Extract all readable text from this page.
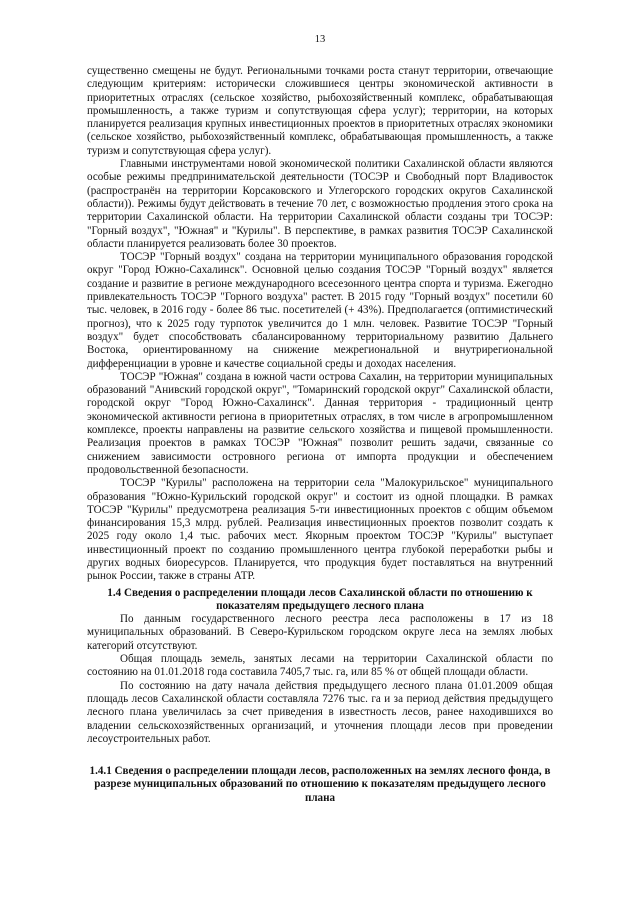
13

существенно смещены не будут. Региональными точками роста станут территории, отвечающие следующим критериям: исторически сложившиеся центры экономической активности в приоритетных отраслях (сельское хозяйство, рыбохозяйственный комплекс, обрабатывающая промышленность, а также туризм и сопутствующая сфера услуг); территории, на которых планируется реализация крупных инвестиционных проектов в приоритетных отраслях экономики (сельское хозяйство, рыбохозяйственный комплекс, обрабатывающая промышленность, а также туризм и сопутствующая сфера услуг).

Главными инструментами новой экономической политики Сахалинской области являются особые режимы предпринимательской деятельности (ТОСЭР и Свободный порт Владивосток (распространён на территории Корсаковского и Углегорского городских округов Сахалинской области)). Режимы будут действовать в течение 70 лет, с возможностью продления этого срока на территории Сахалинской области. На территории Сахалинской области созданы три ТОСЭР: "Горный воздух", "Южная" и "Курилы". В перспективе, в рамках развития ТОСЭР Сахалинской области планируется реализовать более 30 проектов.

ТОСЭР "Горный воздух" создана на территории муниципального образования городской округ "Город Южно-Сахалинск". Основной целью создания ТОСЭР "Горный воздух" является создание и развитие в регионе международного всесезонного центра спорта и туризма. Ежегодно привлекательность ТОСЭР "Горного воздуха" растет. В 2015 году "Горный воздух" посетили 60 тыс. человек, в 2016 году - более 86 тыс. посетителей (+ 43%). Предполагается (оптимистический прогноз), что к 2025 году турпоток увеличится до 1 млн. человек. Развитие ТОСЭР "Горный воздух" будет способствовать сбалансированному территориальному развитию Дальнего Востока, ориентированному на снижение межрегиональной и внутрирегиональной дифференциации в уровне и качестве социальной среды и доходах населения.

ТОСЭР "Южная" создана в южной части острова Сахалин, на территории муниципальных образований "Анивский городской округ", "Томаринский городской округ" Сахалинской области, городской округ "Город Южно-Сахалинск". Данная территория - традиционный центр экономической активности региона в приоритетных отраслях, в том числе в агропромышленном комплексе, проекты направлены на развитие сельского хозяйства и пищевой промышленности. Реализация проектов в рамках ТОСЭР "Южная" позволит решить задачи, связанные со снижением зависимости островного региона от импорта продукции и обеспечением продовольственной безопасности.

ТОСЭР "Курилы" расположена на территории села "Малокурильское" муниципального образования "Южно-Курильский городской округ" и состоит из одной площадки. В рамках ТОСЭР "Курилы" предусмотрена реализация 5-ти инвестиционных проектов с общим объемом финансирования 15,3 млрд. рублей. Реализация инвестиционных проектов позволит создать к 2025 году около 1,4 тыс. рабочих мест. Якорным проектом ТОСЭР "Курилы" выступает инвестиционный проект по созданию промышленного центра глубокой переработки рыбы и других водных биоресурсов. Планируется, что продукция будет поставляться на внутренний рынок России, также в страны АТР.

1.4 Сведения о распределении площади лесов Сахалинской области по отношению к показателям предыдущего лесного плана

По данным государственного лесного реестра леса расположены в 17 из 18 муниципальных образований. В Северо-Курильском городском округе леса на землях любых категорий отсутствуют.

Общая площадь земель, занятых лесами на территории Сахалинской области по состоянию на 01.01.2018 года составила 7405,7 тыс. га, или 85 % от общей площади области.

По состоянию на дату начала действия предыдущего лесного плана 01.01.2009 общая площадь лесов Сахалинской области составляла 7276 тыс. га и за период действия предыдущего лесного плана увеличилась за счет приведения в известность лесов, ранее находившихся во владении сельскохозяйственных организаций, и уточнения площади лесов при проведении лесоустроительных работ.

1.4.1 Сведения о распределении площади лесов, расположенных на землях лесного фонда, в разрезе муниципальных образований по отношению к показателям предыдущего лесного плана
